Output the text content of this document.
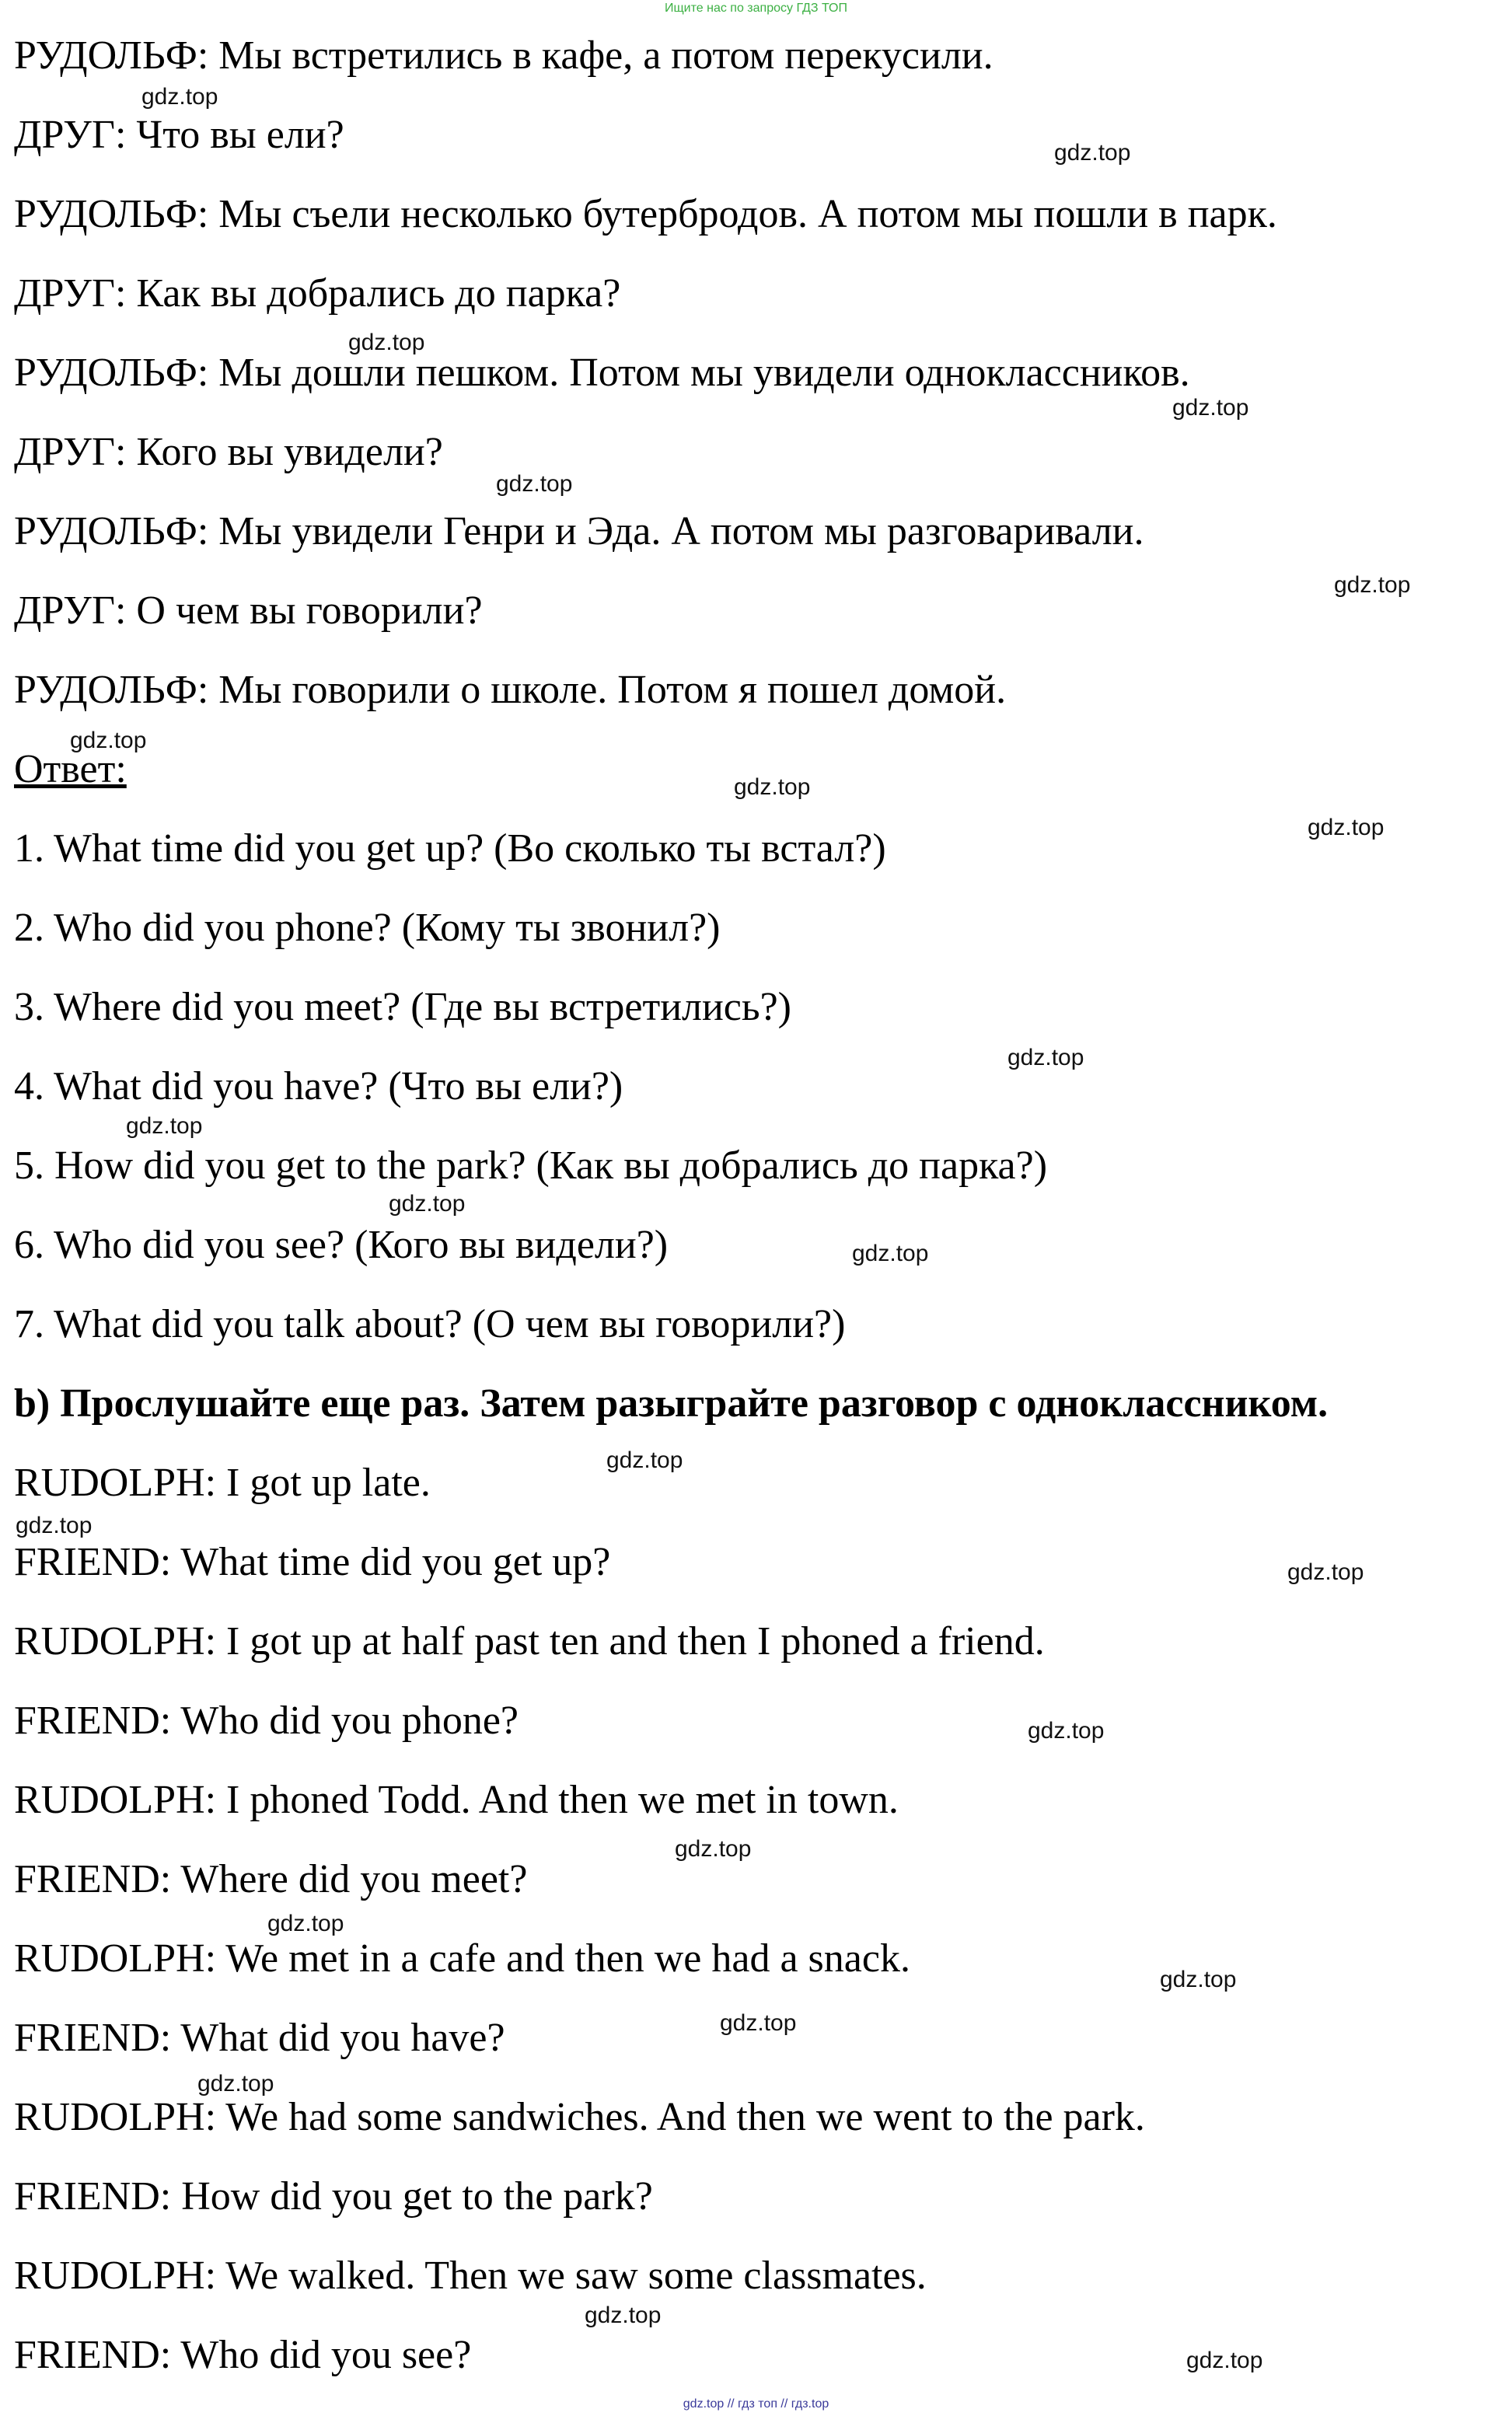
Ищите нас по запросу ГДЗ ТОП
РУДОЛЬФ: Мы встретились в кафе, а потом перекусили.
ДРУГ: Что вы ели?
РУДОЛЬФ: Мы съели несколько бутербродов. А потом мы пошли в парк.
ДРУГ: Как вы добрались до парка?
РУДОЛЬФ: Мы дошли пешком. Потом мы увидели одноклассников.
ДРУГ: Кого вы увидели?
РУДОЛЬФ: Мы увидели Генри и Эда. А потом мы разговаривали.
ДРУГ: О чем вы говорили?
РУДОЛЬФ: Мы говорили о школе. Потом я пошел домой.
Ответ:
1. What time did you get up? (Во сколько ты встал?)
2. Who did you phone? (Кому ты звонил?)
3. Where did you meet? (Где вы встретились?)
4. What did you have? (Что вы ели?)
5. How did you get to the park? (Как вы добрались до парка?)
6. Who did you see? (Кого вы видели?)
7. What did you talk about? (О чем вы говорили?)
b) Прослушайте еще раз. Затем разыграйте разговор с одноклассником.
RUDOLPH: I got up late.
FRIEND: What time did you get up?
RUDOLPH: I got up at half past ten and then I phoned a friend.
FRIEND: Who did you phone?
RUDOLPH: I phoned Todd. And then we met in town.
FRIEND: Where did you meet?
RUDOLPH: We met in a cafe and then we had a snack.
FRIEND: What did you have?
RUDOLPH: We had some sandwiches. And then we went to the park.
FRIEND: How did you get to the park?
RUDOLPH: We walked. Then we saw some classmates.
FRIEND: Who did you see?
gdz.top
gdz.top
gdz.top
gdz.top
gdz.top
gdz.top
gdz.top
gdz.top
gdz.top
gdz.top
gdz.top
gdz.top
gdz.top
gdz.top
gdz.top
gdz.top
gdz.top
gdz.top
gdz.top
gdz.top
gdz.top
gdz.top
gdz.top
gdz.top
gdz.top // гдз топ // гдз.top
